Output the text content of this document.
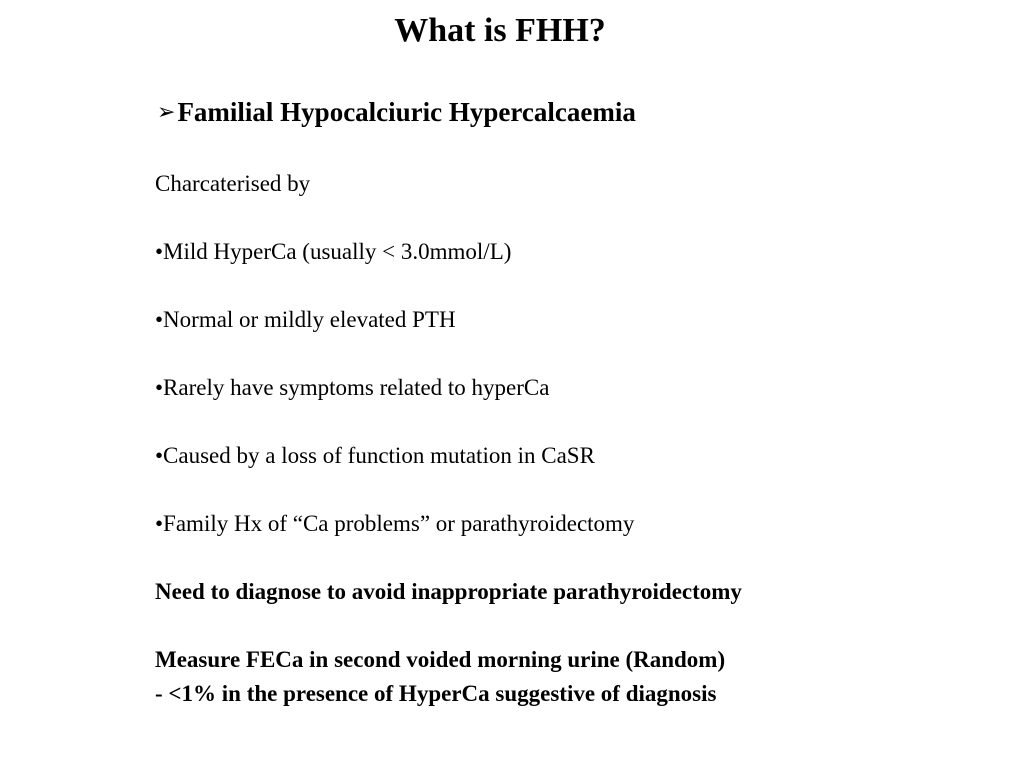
What is FHH?
➢Familial Hypocalciuric Hypercalcaemia
Charcaterised by
•Mild HyperCa (usually < 3.0mmol/L)
•Normal or mildly elevated PTH
•Rarely have symptoms related to hyperCa
•Caused by a loss of function mutation in CaSR
•Family Hx of “Ca problems” or parathyroidectomy
Need to diagnose to avoid inappropriate parathyroidectomy
Measure FECa in second voided morning urine (Random)
- <1% in the presence of HyperCa suggestive of diagnosis
